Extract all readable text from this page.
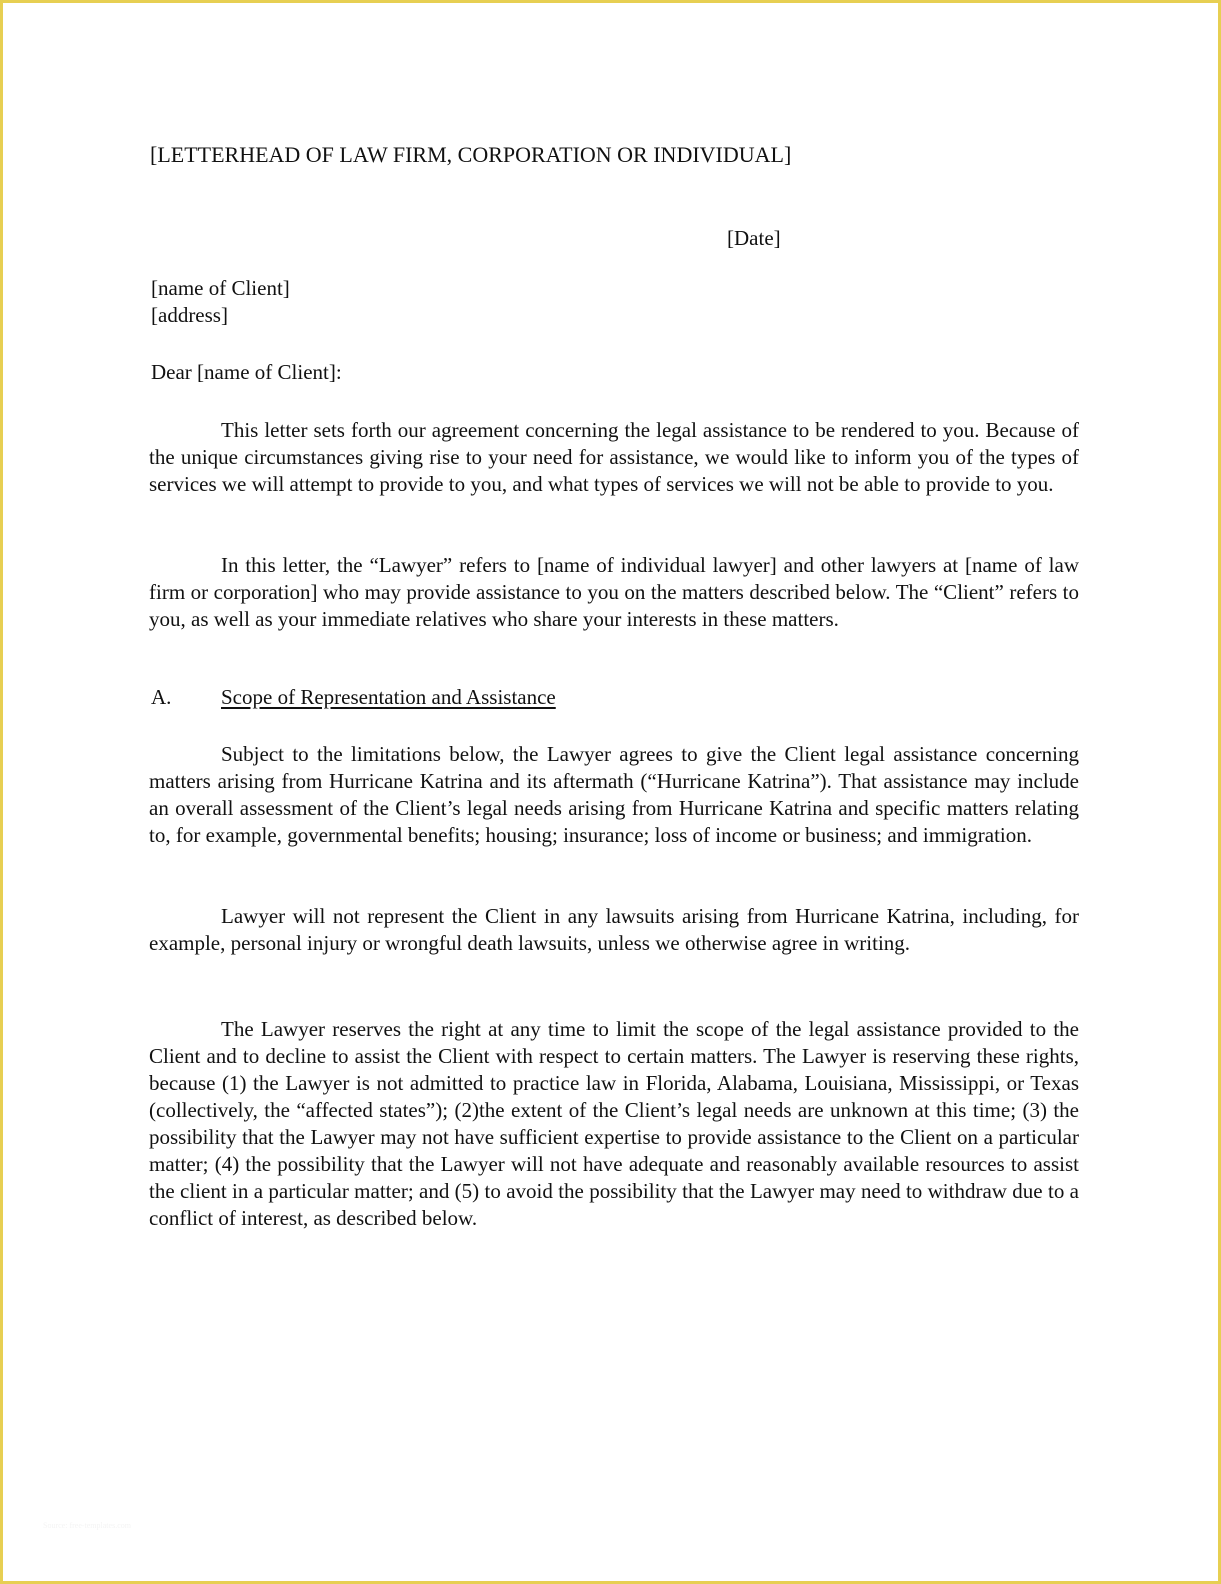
[LETTERHEAD OF LAW FIRM, CORPORATION OR INDIVIDUAL]

[Date]

[name of Client]
[address]

Dear [name of Client]:

This letter sets forth our agreement concerning the legal assistance to be rendered to you. Because of the unique circumstances giving rise to your need for assistance, we would like to inform you of the types of services we will attempt to provide to you, and what types of services we will not be able to provide to you.

In this letter, the “Lawyer” refers to [name of individual lawyer] and other lawyers at [name of law firm or corporation] who may provide assistance to you on the matters described below. The “Client” refers to you, as well as your immediate relatives who share your interests in these matters.

A. Scope of Representation and Assistance

Subject to the limitations below, the Lawyer agrees to give the Client legal assistance concerning matters arising from Hurricane Katrina and its aftermath (“Hurricane Katrina”). That assistance may include an overall assessment of the Client’s legal needs arising from Hurricane Katrina and specific matters relating to, for example, governmental benefits; housing; insurance; loss of income or business; and immigration.

Lawyer will not represent the Client in any lawsuits arising from Hurricane Katrina, including, for example, personal injury or wrongful death lawsuits, unless we otherwise agree in writing.

The Lawyer reserves the right at any time to limit the scope of the legal assistance provided to the Client and to decline to assist the Client with respect to certain matters. The Lawyer is reserving these rights, because (1) the Lawyer is not admitted to practice law in Florida, Alabama, Louisiana, Mississippi, or Texas (collectively, the “affected states”); (2)the extent of the Client’s legal needs are unknown at this time; (3) the possibility that the Lawyer may not have sufficient expertise to provide assistance to the Client on a particular matter; (4) the possibility that the Lawyer will not have adequate and reasonably available resources to assist the client in a particular matter; and (5) to avoid the possibility that the Lawyer may need to withdraw due to a conflict of interest, as described below.

Source: free-templates.com
